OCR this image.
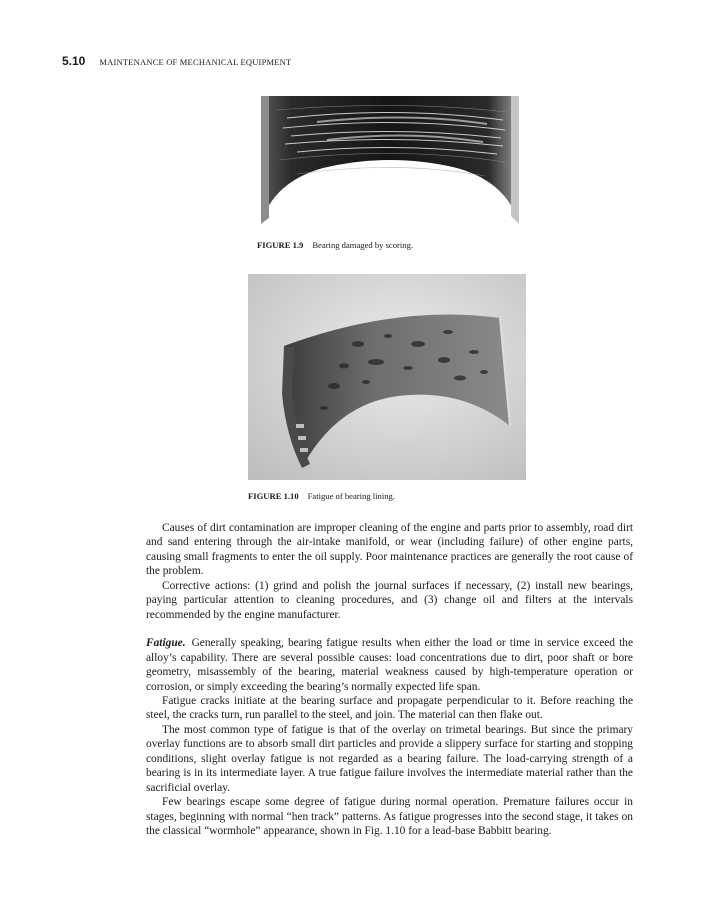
5.10 MAINTENANCE OF MECHANICAL EQUIPMENT
FIGURE 1.9 Bearing damaged by scoring.
FIGURE 1.10 Fatigue of bearing lining.

Causes of dirt contamination are improper cleaning of the engine and parts prior to assembly, road dirt and sand entering through the air-intake manifold, or wear (including failure) of other engine parts, causing small fragments to enter the oil supply. Poor maintenance practices are generally the root cause of the problem.

Corrective actions: (1) grind and polish the journal surfaces if necessary, (2) install new bearings, paying particular attention to cleaning procedures, and (3) change oil and filters at the intervals recommended by the engine manufacturer.

Fatigue. Generally speaking, bearing fatigue results when either the load or time in service exceed the alloy’s capability. There are several possible causes: load concentrations due to dirt, poor shaft or bore geometry, misassembly of the bearing, material weakness caused by high-temperature operation or corrosion, or simply exceeding the bearing’s normally expected life span.

Fatigue cracks initiate at the bearing surface and propagate perpendicular to it. Before reaching the steel, the cracks turn, run parallel to the steel, and join. The material can then flake out.

The most common type of fatigue is that of the overlay on trimetal bearings. But since the primary overlay functions are to absorb small dirt particles and provide a slippery surface for starting and stopping conditions, slight overlay fatigue is not regarded as a bearing failure. The load-carrying strength of a bearing is in its intermediate layer. A true fatigue failure involves the intermediate material rather than the sacrificial overlay.

Few bearings escape some degree of fatigue during normal operation. Premature failures occur in stages, beginning with normal “hen track” patterns. As fatigue progresses into the second stage, it takes on the classical “wormhole” appearance, shown in Fig. 1.10 for a lead-base Babbitt bearing.
